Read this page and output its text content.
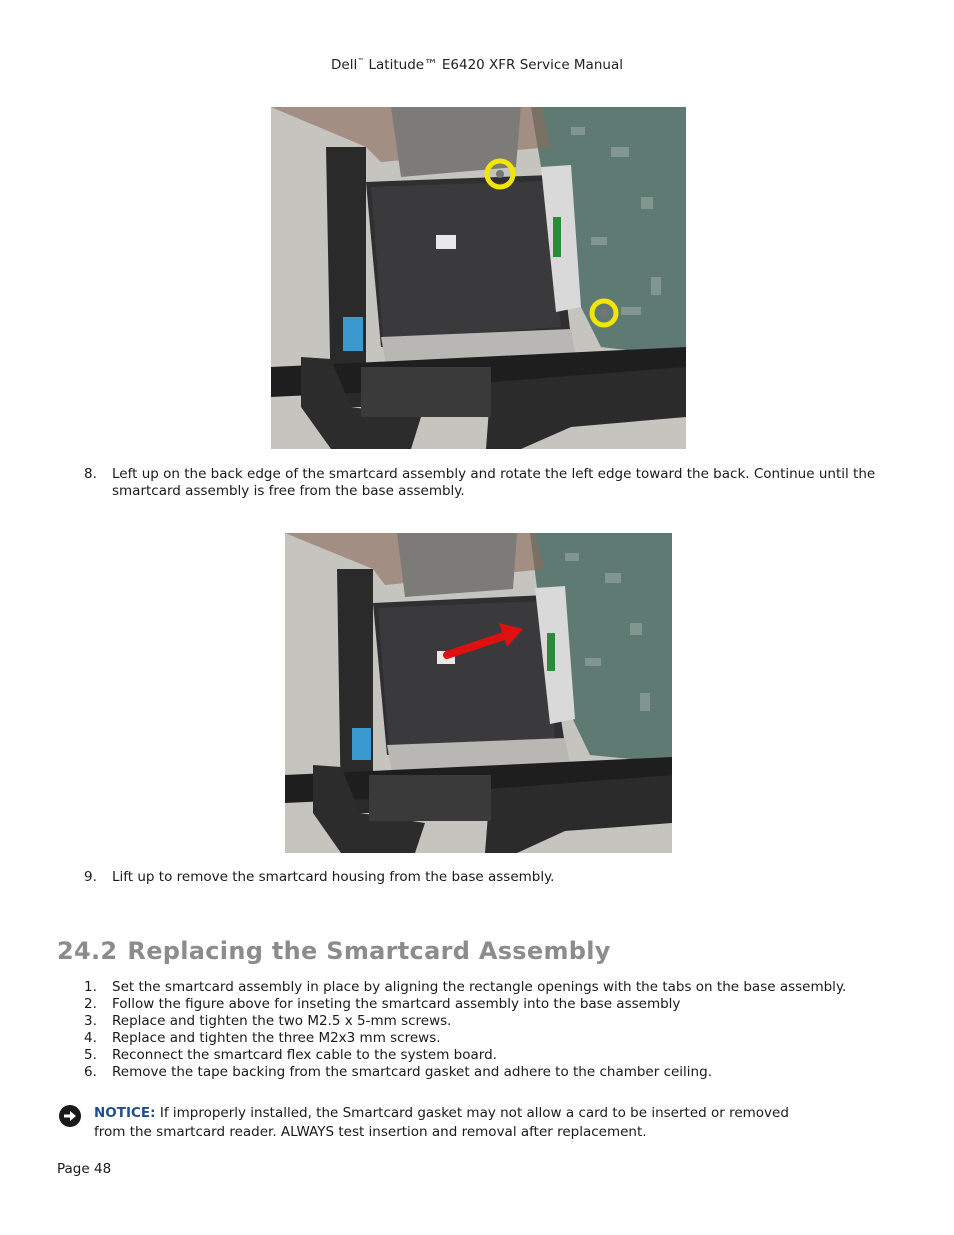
Dell™ Latitude™ E6420 XFR Service Manual
8.	Left up on the back edge of the smartcard assembly and rotate the left edge toward the back. Continue until the smartcard assembly is free from the base assembly.
9.	Lift up to remove the smartcard housing from the base assembly.
24.2 Replacing the Smartcard Assembly
1. Set the smartcard assembly in place by aligning the rectangle openings with the tabs on the base assembly.
2. Follow the figure above for inseting the smartcard assembly into the base assembly
3. Replace and tighten the two M2.5 x 5-mm screws.
4. Replace and tighten the three M2x3 mm screws.
5. Reconnect the smartcard flex cable to the system board.
6. Remove the tape backing from the smartcard gasket and adhere to the chamber ceiling.
NOTICE: If improperly installed, the Smartcard gasket may not allow a card to be inserted or removed from the smartcard reader. ALWAYS test insertion and removal after replacement.
Page 48
